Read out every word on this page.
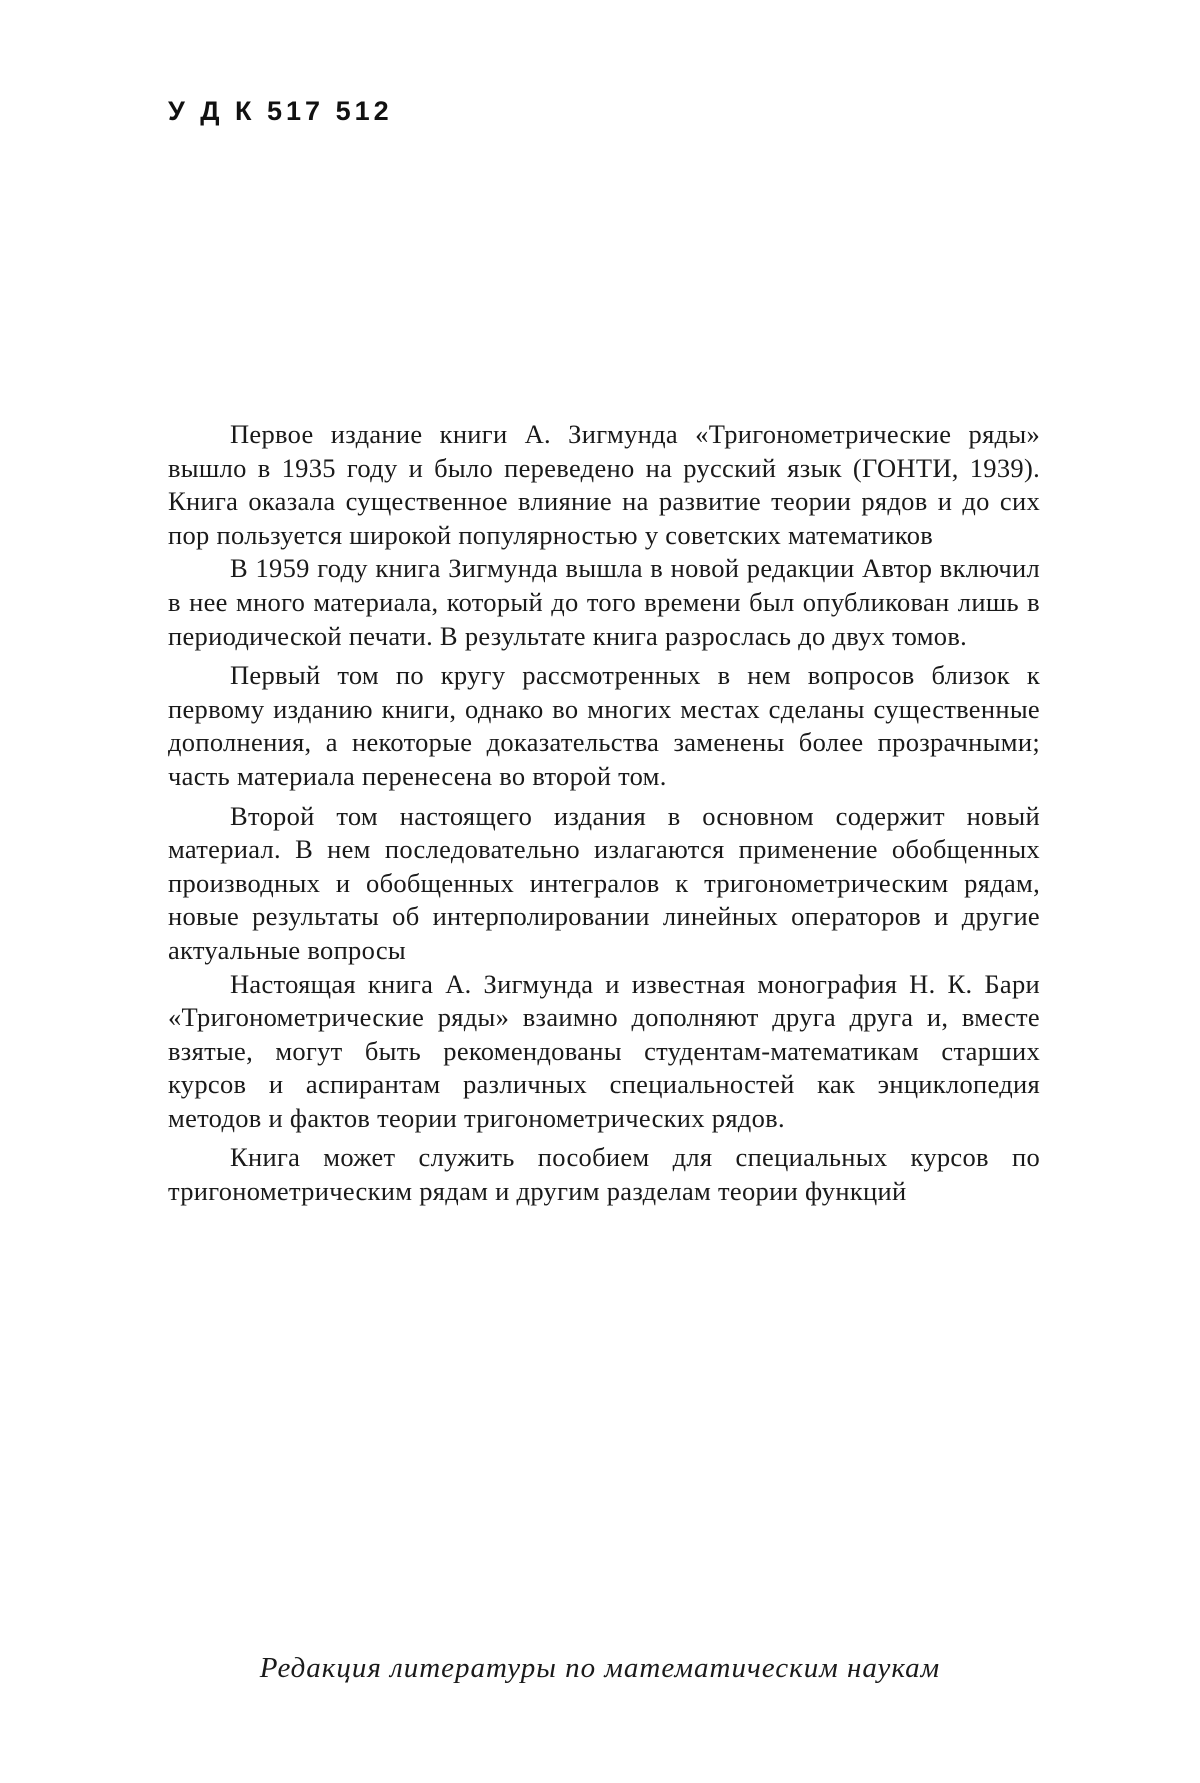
У Д К 517 512

Первое издание книги А. Зигмунда «Тригонометрические ряды» вышло в 1935 году и было переведено на русский язык (ГОНТИ, 1939). Книга оказала существенное влияние на развитие теории рядов и до сих пор пользуется широкой популярностью у советских математиков

В 1959 году книга Зигмунда вышла в новой редакции Автор включил в нее много материала, который до того времени был опубликован лишь в периодической печати. В результате книга разрослась до двух томов.

Первый том по кругу рассмотренных в нем вопросов близок к первому изданию книги, однако во многих местах сделаны существенные дополнения, а некоторые доказательства заменены более прозрачными; часть материала перенесена во второй том.

Второй том настоящего издания в основном содержит новый материал. В нем последовательно излагаются применение обобщенных производных и обобщенных интегралов к тригонометрическим рядам, новые результаты об интерполировании линейных операторов и другие актуальные вопросы

Настоящая книга А. Зигмунда и известная монография Н. К. Бари «Тригонометрические ряды» взаимно дополняют друга друга и, вместе взятые, могут быть рекомендованы студентам-математикам старших курсов и аспирантам различных специальностей как энциклопедия методов и фактов теории тригонометрических рядов.

Книга может служить пособием для специальных курсов по тригонометрическим рядам и другим разделам теории функций

Редакция литературы по математическим наукам
